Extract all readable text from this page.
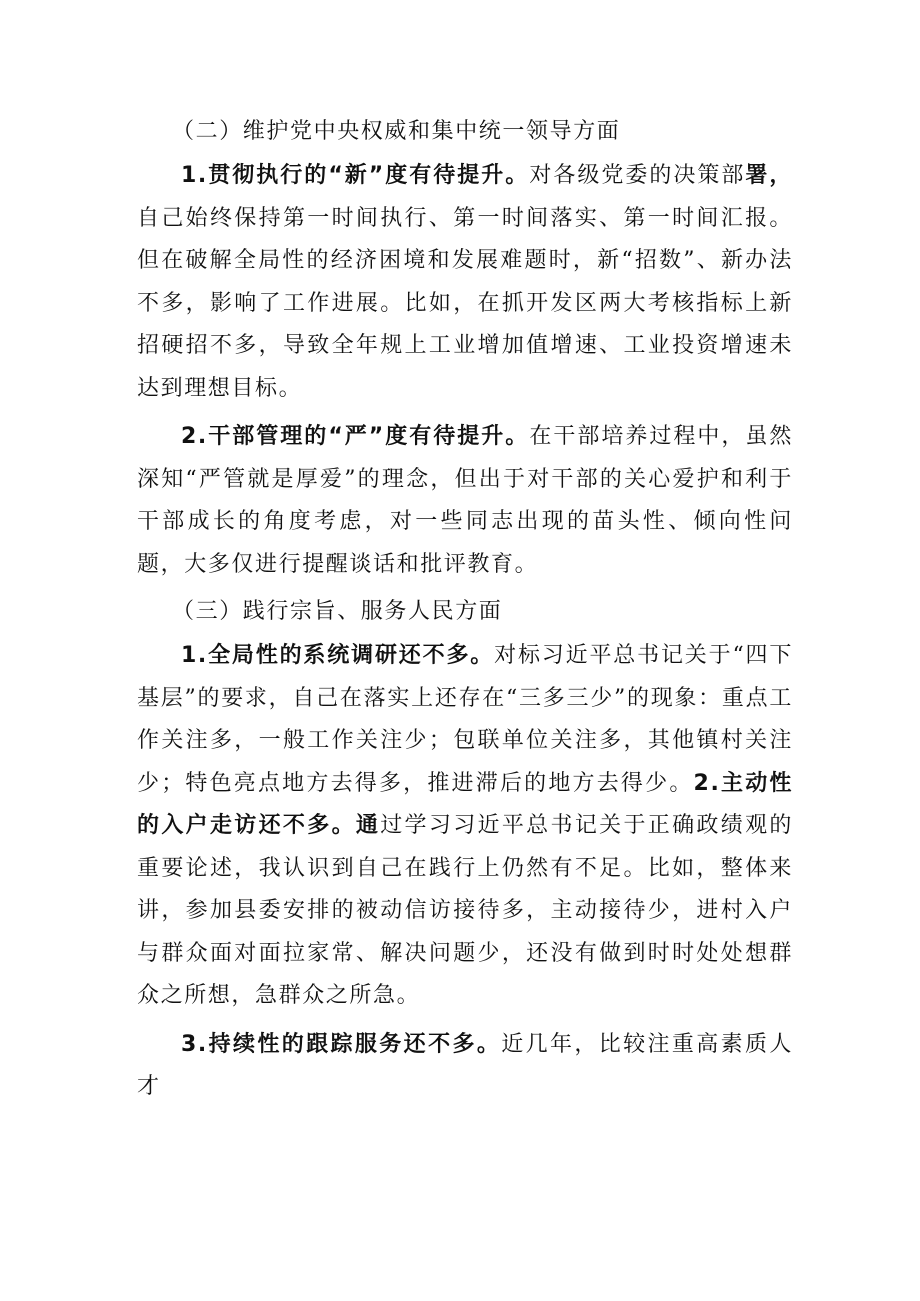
（二）维护党中央权威和集中统一领导方面

1.贯彻执行的“新”度有待提升。对各级党委的决策部署，自己始终保持第一时间执行、第一时间落实、第一时间汇报。但在破解全局性的经济困境和发展难题时，新“招数”、新办法不多，影响了工作进展。比如，在抓开发区两大考核指标上新招硬招不多，导致全年规上工业增加值增速、工业投资增速未达到理想目标。

2.干部管理的“严”度有待提升。在干部培养过程中，虽然深知“严管就是厚爱”的理念，但出于对干部的关心爱护和利于干部成长的角度考虑，对一些同志出现的苗头性、倾向性问题，大多仅进行提醒谈话和批评教育。

（三）践行宗旨、服务人民方面

1.全局性的系统调研还不多。对标习近平总书记关于“四下基层”的要求，自己在落实上还存在“三多三少”的现象：重点工作关注多，一般工作关注少；包联单位关注多，其他镇村关注少；特色亮点地方去得多，推进滞后的地方去得少。2.主动性的入户走访还不多。通过学习习近平总书记关于正确政绩观的重要论述，我认识到自己在践行上仍然有不足。比如，整体来讲，参加县委安排的被动信访接待多，主动接待少，进村入户与群众面对面拉家常、解决问题少，还没有做到时时处处想群众之所想，急群众之所急。

3.持续性的跟踪服务还不多。近几年，比较注重高素质人才
